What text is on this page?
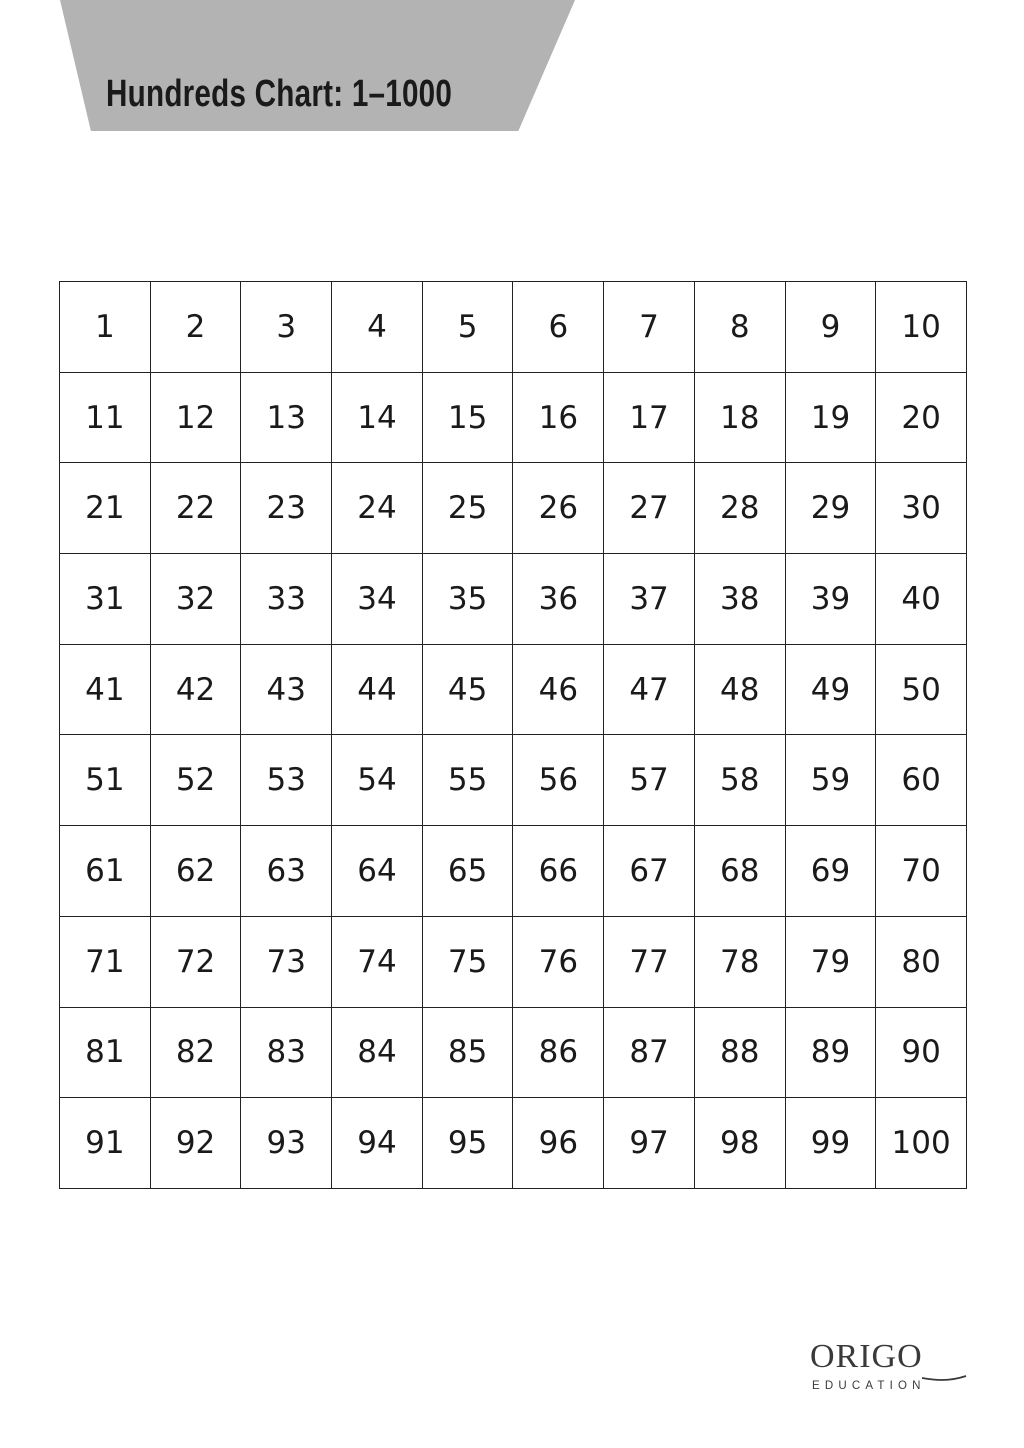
Hundreds Chart: 1–1000
1	2	3	4	5	6	7	8	9	10
11	12	13	14	15	16	17	18	19	20
21	22	23	24	25	26	27	28	29	30
31	32	33	34	35	36	37	38	39	40
41	42	43	44	45	46	47	48	49	50
51	52	53	54	55	56	57	58	59	60
61	62	63	64	65	66	67	68	69	70
71	72	73	74	75	76	77	78	79	80
81	82	83	84	85	86	87	88	89	90
91	92	93	94	95	96	97	98	99	100
ORIGO
EDUCATION
